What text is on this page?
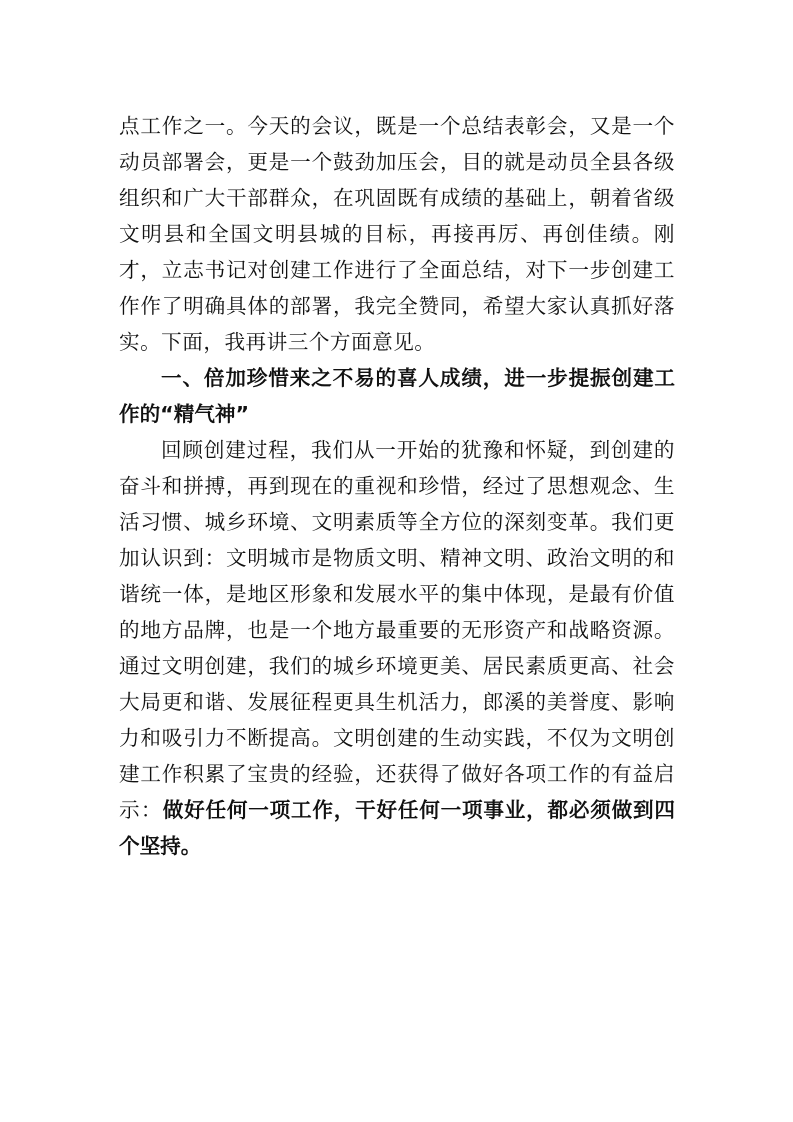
点工作之一。今天的会议，既是一个总结表彰会，又是一个动员部署会，更是一个鼓劲加压会，目的就是动员全县各级组织和广大干部群众，在巩固既有成绩的基础上，朝着省级文明县和全国文明县城的目标，再接再厉、再创佳绩。刚才，立志书记对创建工作进行了全面总结，对下一步创建工作作了明确具体的部署，我完全赞同，希望大家认真抓好落实。下面，我再讲三个方面意见。

一、倍加珍惜来之不易的喜人成绩，进一步提振创建工作的“精气神”

回顾创建过程，我们从一开始的犹豫和怀疑，到创建的奋斗和拼搏，再到现在的重视和珍惜，经过了思想观念、生活习惯、城乡环境、文明素质等全方位的深刻变革。我们更加认识到：文明城市是物质文明、精神文明、政治文明的和谐统一体，是地区形象和发展水平的集中体现，是最有价值的地方品牌，也是一个地方最重要的无形资产和战略资源。通过文明创建，我们的城乡环境更美、居民素质更高、社会大局更和谐、发展征程更具生机活力，郎溪的美誉度、影响力和吸引力不断提高。文明创建的生动实践，不仅为文明创建工作积累了宝贵的经验，还获得了做好各项工作的有益启示：做好任何一项工作，干好任何一项事业，都必须做到四个坚持。
